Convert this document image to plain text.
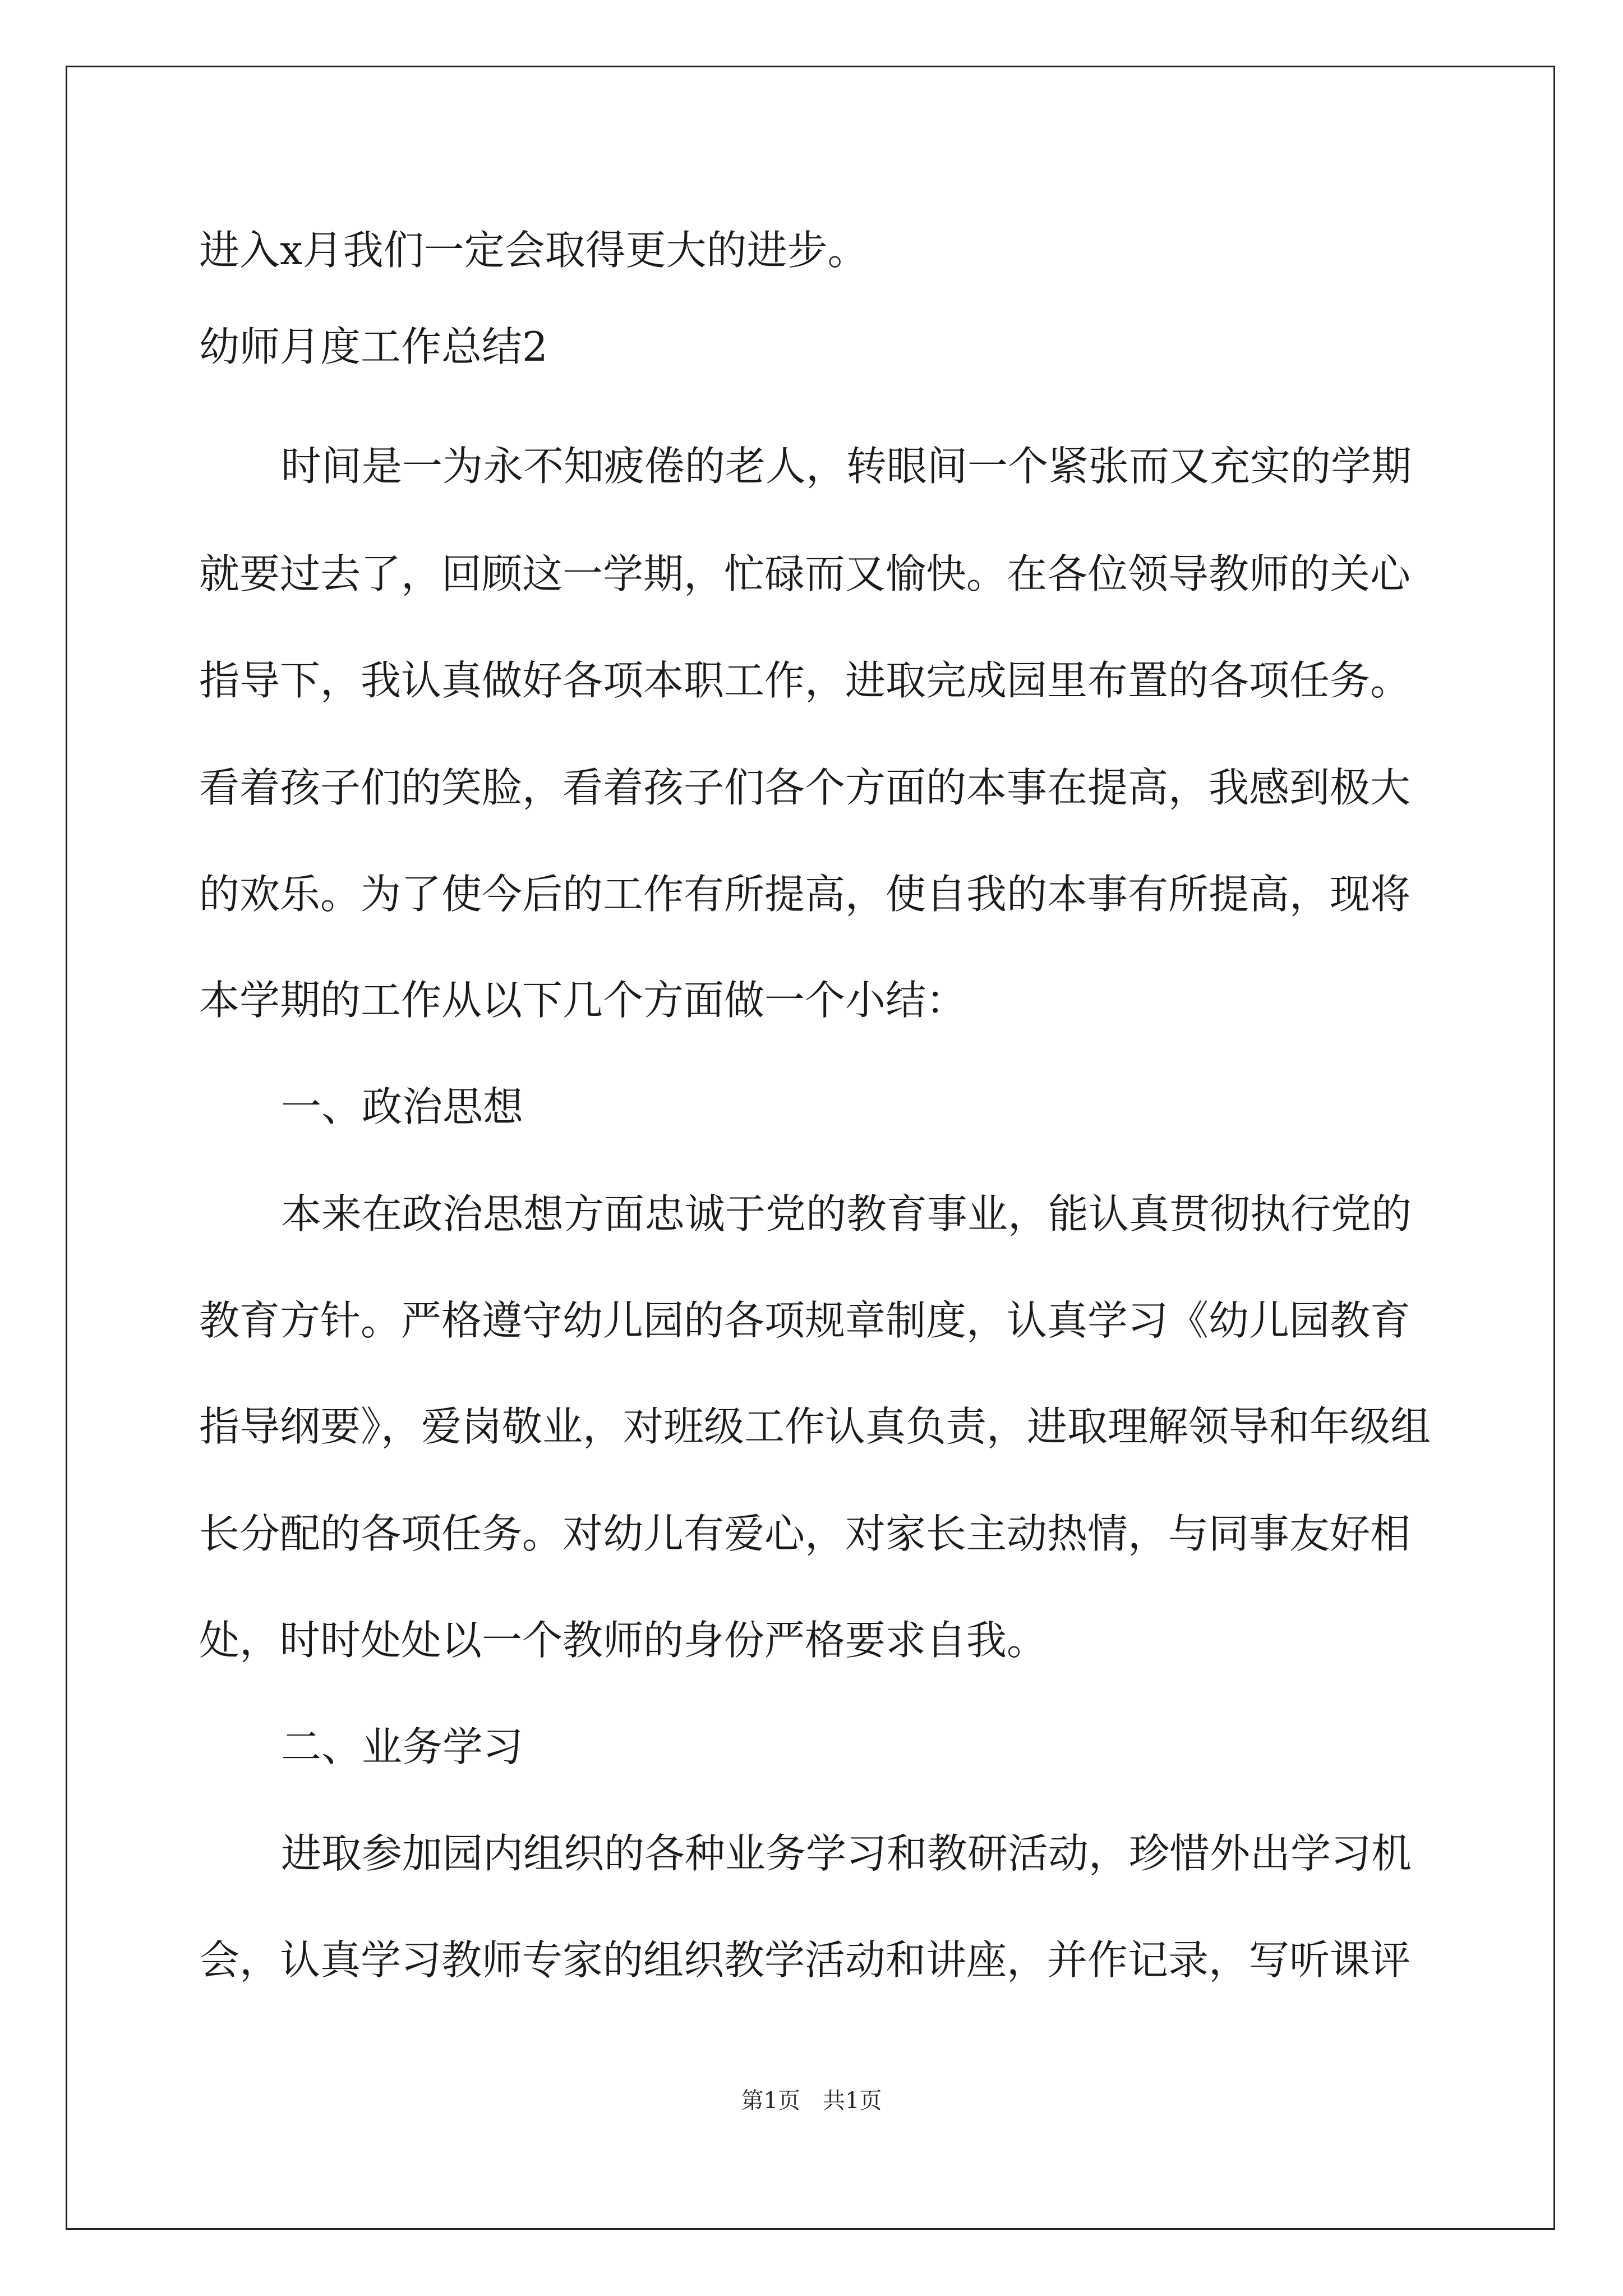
进入x月我们一定会取得更大的进步。
幼师月度工作总结2
时间是一为永不知疲倦的老人，转眼间一个紧张而又充实的学期
就要过去了，回顾这一学期，忙碌而又愉快。在各位领导教师的关心
指导下，我认真做好各项本职工作，进取完成园里布置的各项任务。
看着孩子们的笑脸，看着孩子们各个方面的本事在提高，我感到极大
的欢乐。为了使今后的工作有所提高，使自我的本事有所提高，现将
本学期的工作从以下几个方面做一个小结：
一、政治思想
本来在政治思想方面忠诚于党的教育事业，能认真贯彻执行党的
教育方针。严格遵守幼儿园的各项规章制度，认真学习《幼儿园教育
指导纲要》，爱岗敬业，对班级工作认真负责，进取理解领导和年级组
长分配的各项任务。对幼儿有爱心，对家长主动热情，与同事友好相
处，时时处处以一个教师的身份严格要求自我。
二、业务学习
进取参加园内组织的各种业务学习和教研活动，珍惜外出学习机
会，认真学习教师专家的组织教学活动和讲座，并作记录，写听课评
第1页　共1页
